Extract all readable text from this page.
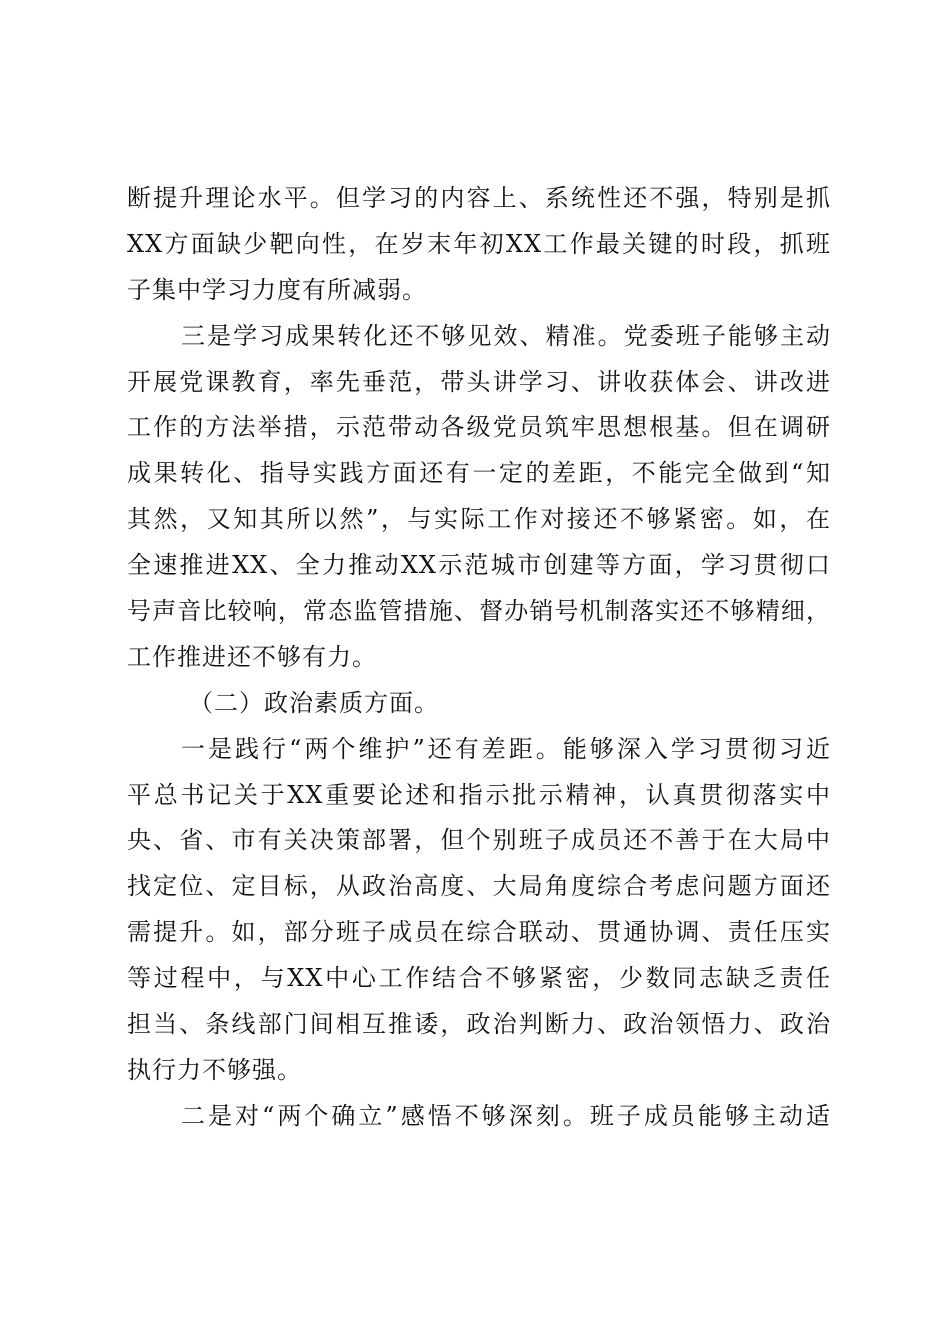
断提升理论水平。但学习的内容上、系统性还不强，特别是抓
XX方面缺少靶向性，在岁末年初XX工作最关键的时段，抓班
子集中学习力度有所减弱。
三是学习成果转化还不够见效、精准。党委班子能够主动
开展党课教育，率先垂范，带头讲学习、讲收获体会、讲改进
工作的方法举措，示范带动各级党员筑牢思想根基。但在调研
成果转化、指导实践方面还有一定的差距，不能完全做到“知
其然，又知其所以然”，与实际工作对接还不够紧密。如，在
全速推进XX、全力推动XX示范城市创建等方面，学习贯彻口
号声音比较响，常态监管措施、督办销号机制落实还不够精细，
工作推进还不够有力。
（二）政治素质方面。
一是践行“两个维护”还有差距。能够深入学习贯彻习近
平总书记关于XX重要论述和指示批示精神，认真贯彻落实中
央、省、市有关决策部署，但个别班子成员还不善于在大局中
找定位、定目标，从政治高度、大局角度综合考虑问题方面还
需提升。如，部分班子成员在综合联动、贯通协调、责任压实
等过程中，与XX中心工作结合不够紧密，少数同志缺乏责任
担当、条线部门间相互推诿，政治判断力、政治领悟力、政治
执行力不够强。
二是对“两个确立”感悟不够深刻。班子成员能够主动适
